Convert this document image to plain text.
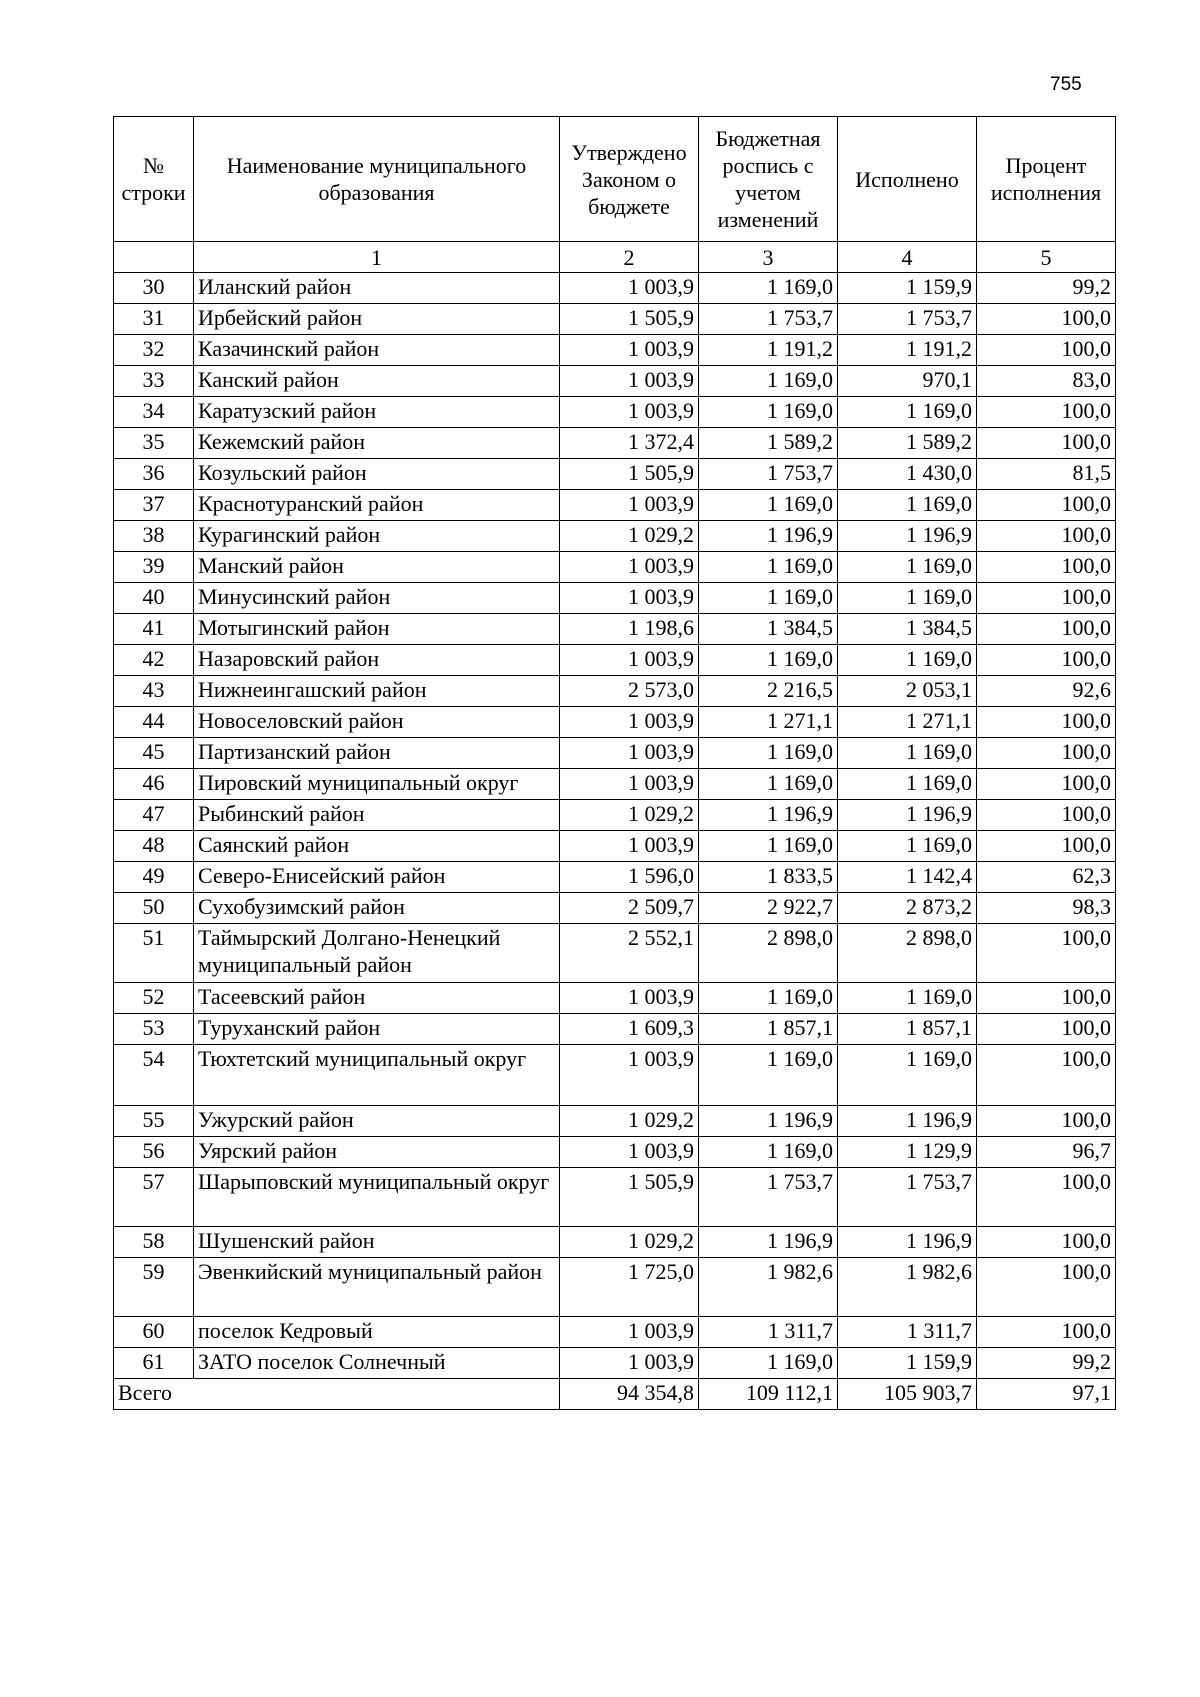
755
№ строки	Наименование муниципального образования	Утверждено Законом о бюджете	Бюджетная роспись с учетом изменений	Исполнено	Процент исполнения
	1	2	3	4	5
30	Иланский район	1 003,9	1 169,0	1 159,9	99,2
31	Ирбейский район	1 505,9	1 753,7	1 753,7	100,0
32	Казачинский район	1 003,9	1 191,2	1 191,2	100,0
33	Канский район	1 003,9	1 169,0	970,1	83,0
34	Каратузский район	1 003,9	1 169,0	1 169,0	100,0
35	Кежемский район	1 372,4	1 589,2	1 589,2	100,0
36	Козульский район	1 505,9	1 753,7	1 430,0	81,5
37	Краснотуранский район	1 003,9	1 169,0	1 169,0	100,0
38	Курагинский район	1 029,2	1 196,9	1 196,9	100,0
39	Манский район	1 003,9	1 169,0	1 169,0	100,0
40	Минусинский район	1 003,9	1 169,0	1 169,0	100,0
41	Мотыгинский район	1 198,6	1 384,5	1 384,5	100,0
42	Назаровский район	1 003,9	1 169,0	1 169,0	100,0
43	Нижнеингашский район	2 573,0	2 216,5	2 053,1	92,6
44	Новоселовский район	1 003,9	1 271,1	1 271,1	100,0
45	Партизанский район	1 003,9	1 169,0	1 169,0	100,0
46	Пировский муниципальный округ	1 003,9	1 169,0	1 169,0	100,0
47	Рыбинский район	1 029,2	1 196,9	1 196,9	100,0
48	Саянский район	1 003,9	1 169,0	1 169,0	100,0
49	Северо-Енисейский район	1 596,0	1 833,5	1 142,4	62,3
50	Сухобузимский район	2 509,7	2 922,7	2 873,2	98,3
51	Таймырский Долгано-Ненецкий муниципальный район	2 552,1	2 898,0	2 898,0	100,0
52	Тасеевский район	1 003,9	1 169,0	1 169,0	100,0
53	Туруханский район	1 609,3	1 857,1	1 857,1	100,0
54	Тюхтетский муниципальный округ	1 003,9	1 169,0	1 169,0	100,0
55	Ужурский район	1 029,2	1 196,9	1 196,9	100,0
56	Уярский район	1 003,9	1 169,0	1 129,9	96,7
57	Шарыповский муниципальный округ	1 505,9	1 753,7	1 753,7	100,0
58	Шушенский район	1 029,2	1 196,9	1 196,9	100,0
59	Эвенкийский муниципальный район	1 725,0	1 982,6	1 982,6	100,0
60	поселок Кедровый	1 003,9	1 311,7	1 311,7	100,0
61	ЗАТО поселок Солнечный	1 003,9	1 169,0	1 159,9	99,2
Всего		94 354,8	109 112,1	105 903,7	97,1
